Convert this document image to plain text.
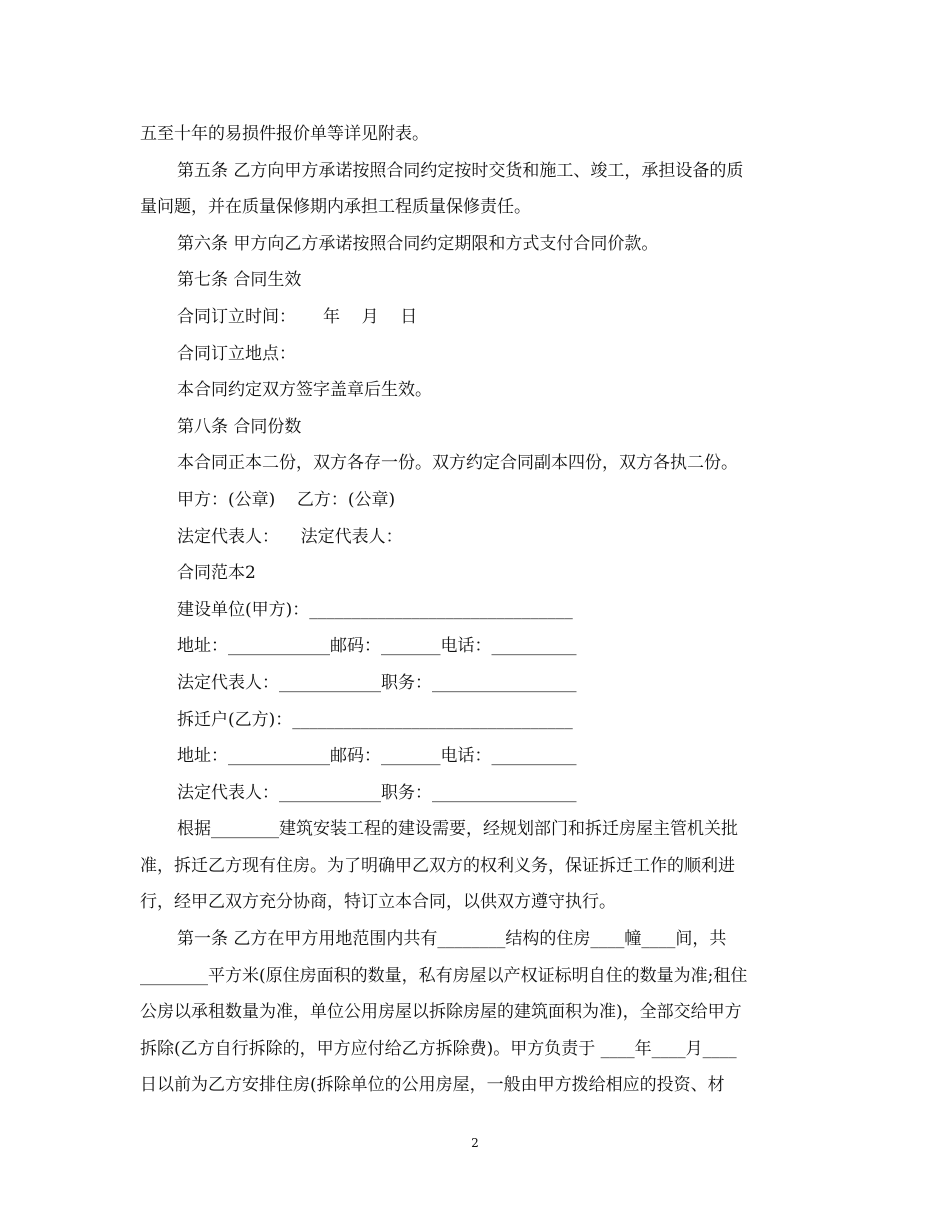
五至十年的易损件报价单等详见附表。

第五条 乙方向甲方承诺按照合同约定按时交货和施工、竣工，承担设备的质

量问题，并在质量保修期内承担工程质量保修责任。

第六条 甲方向乙方承诺按照合同约定期限和方式支付合同价款。

第七条 合同生效

合同订立时间：     年    月    日

合同订立地点：

本合同约定双方签字盖章后生效。

第八条 合同份数

本合同正本二份，双方各存一份。双方约定合同副本四份，双方各执二份。

甲方：(公章)    乙方：(公章)

法定代表人：    法定代表人：

合同范本2

建设单位(甲方)：_______________________________

地址：____________邮码：_______电话：__________

法定代表人：____________职务：_________________

拆迁户(乙方)：_________________________________

地址：____________邮码：_______电话：__________

法定代表人：____________职务：_________________

根据________建筑安装工程的建设需要，经规划部门和拆迁房屋主管机关批

准，拆迁乙方现有住房。为了明确甲乙双方的权利义务，保证拆迁工作的顺利进

行，经甲乙双方充分协商，特订立本合同，以供双方遵守执行。

第一条 乙方在甲方用地范围内共有________结构的住房____幢____间，共

________平方米(原住房面积的数量，私有房屋以产权证标明自住的数量为准;租住

公房以承租数量为准，单位公用房屋以拆除房屋的建筑面积为准)，全部交给甲方

拆除(乙方自行拆除的，甲方应付给乙方拆除费)。甲方负责于 ____年____月____

日以前为乙方安排住房(拆除单位的公用房屋，一般由甲方拨给相应的投资、材

2
